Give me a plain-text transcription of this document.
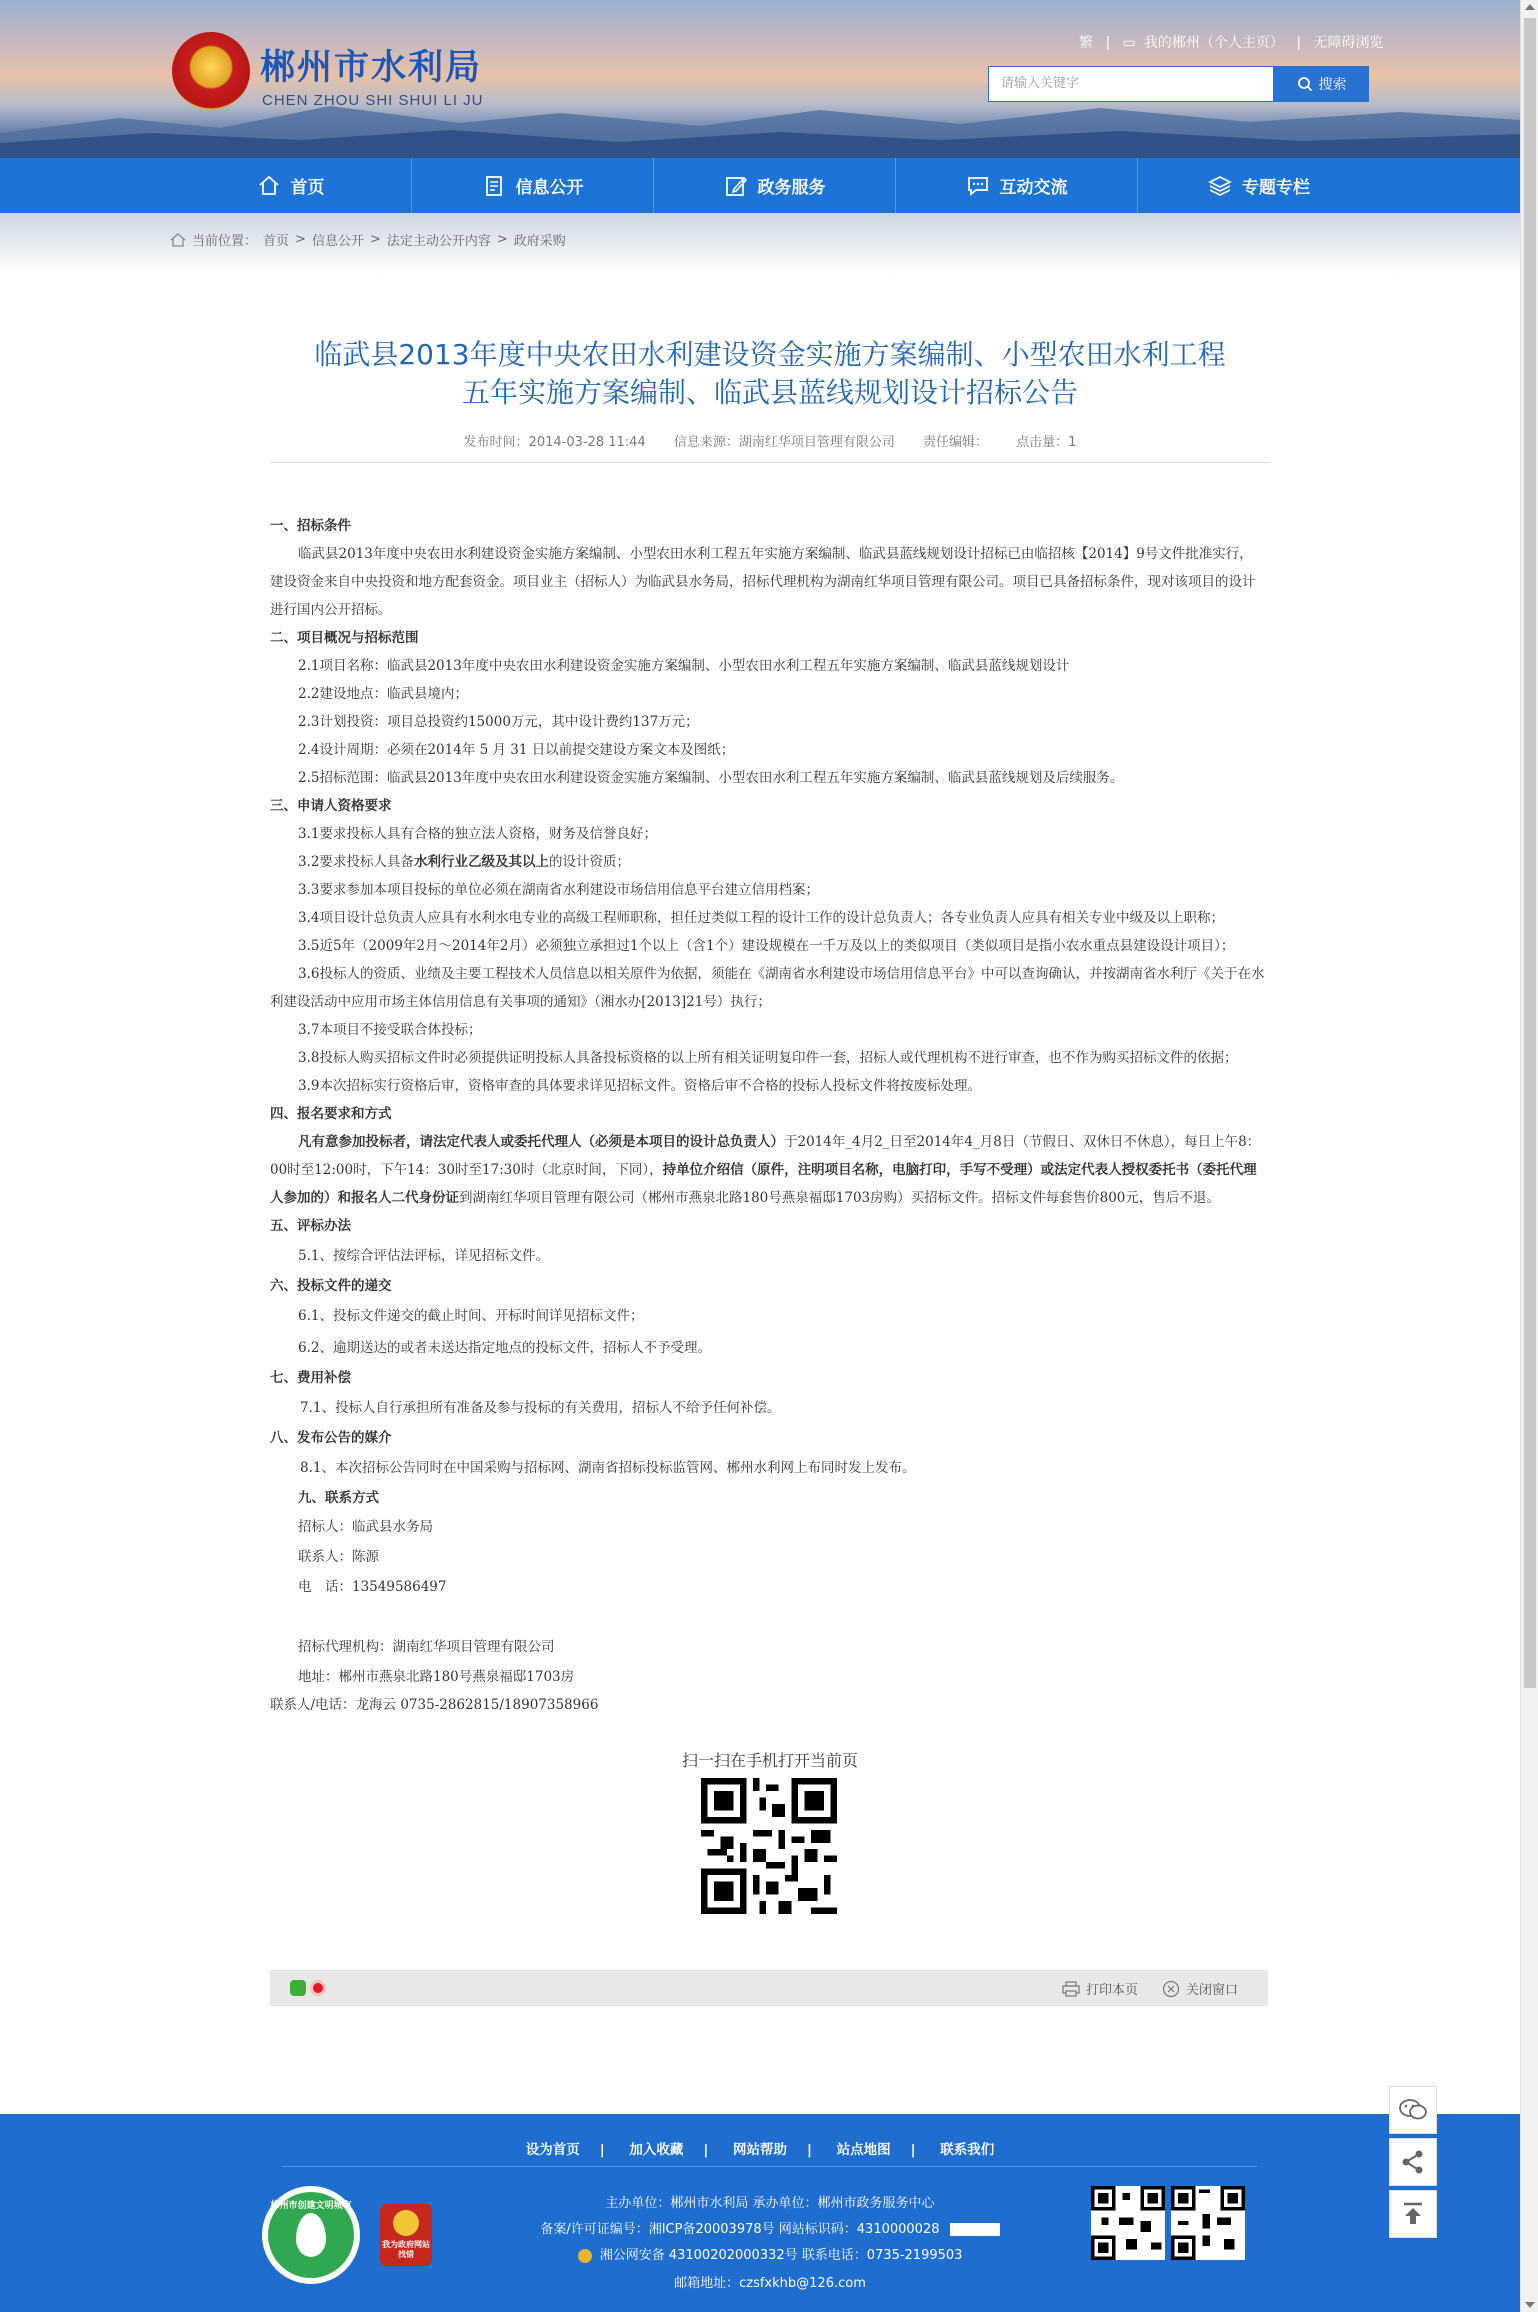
郴州市水利局
CHEN ZHOU SHI SHUI LI JU
繁 | ▭ 我的郴州（个人主页） | 无障碍浏览
请输入关键字	搜索
首页	信息公开	政务服务	互动交流	专题专栏
当前位置： 首页 > 信息公开 > 法定主动公开内容 > 政府采购
临武县2013年度中央农田水利建设资金实施方案编制、小型农田水利工程
五年实施方案编制、临武县蓝线规划设计招标公告
发布时间：2014-03-28 11:44 信息来源：湖南红华项目管理有限公司 责任编辑： 点击量：1

一、招标条件

临武县2013年度中央农田水利建设资金实施方案编制、小型农田水利工程五年实施方案编制、临武县蓝线规划设计招标已由临招核【2014】9号文件批准实行，建设资金来自中央投资和地方配套资金。项目业主（招标人）为临武县水务局，招标代理机构为湖南红华项目管理有限公司。项目已具备招标条件，现对该项目的设计进行国内公开招标。

二、项目概况与招标范围

2.1项目名称：临武县2013年度中央农田水利建设资金实施方案编制、小型农田水利工程五年实施方案编制、临武县蓝线规划设计

2.2建设地点：临武县境内；

2.3计划投资：项目总投资约15000万元，其中设计费约137万元；

2.4设计周期：必须在2014年 5 月 31 日以前提交建设方案文本及图纸；

2.5招标范围：临武县2013年度中央农田水利建设资金实施方案编制、小型农田水利工程五年实施方案编制、临武县蓝线规划及后续服务。

三、申请人资格要求

3.1要求投标人具有合格的独立法人资格，财务及信誉良好；

3.2要求投标人具备水利行业乙级及其以上的设计资质；

3.3要求参加本项目投标的单位必须在湖南省水利建设市场信用信息平台建立信用档案；

3.4项目设计总负责人应具有水利水电专业的高级工程师职称，担任过类似工程的设计工作的设计总负责人；各专业负责人应具有相关专业中级及以上职称；

3.5近5年（2009年2月～2014年2月）必须独立承担过1个以上（含1个）建设规模在一千万及以上的类似项目（类似项目是指小农水重点县建设设计项目）；

3.6投标人的资质、业绩及主要工程技术人员信息以相关原件为依据，须能在《湖南省水利建设市场信用信息平台》中可以查询确认，并按湖南省水利厅《关于在水利建设活动中应用市场主体信用信息有关事项的通知》（湘水办[2013]21号）执行；

3.7本项目不接受联合体投标；

3.8投标人购买招标文件时必须提供证明投标人具备投标资格的以上所有相关证明复印件一套，招标人或代理机构不进行审查，也不作为购买招标文件的依据；

3.9本次招标实行资格后审，资格审查的具体要求详见招标文件。资格后审不合格的投标人投标文件将按废标处理。

四、报名要求和方式

凡有意参加投标者，请法定代表人或委托代理人（必须是本项目的设计总负责人）于2014年_4月2_日至2014年4_月8日（节假日、双休日不休息），每日上午8：00时至12:00时，下午14：30时至17:30时（北京时间，下同），持单位介绍信（原件，注明项目名称，电脑打印，手写不受理）或法定代表人授权委托书（委托代理人参加的）和报名人二代身份证到湖南红华项目管理有限公司（郴州市燕泉北路180号燕泉福邸1703房购）买招标文件。招标文件每套售价800元，售后不退。

五、评标办法

5.1、按综合评估法评标，详见招标文件。

六、投标文件的递交

6.1、投标文件递交的截止时间、开标时间详见招标文件；

6.2、逾期送达的或者未送达指定地点的投标文件，招标人不予受理。

七、费用补偿

7.1、投标人自行承担所有准备及参与投标的有关费用，招标人不给予任何补偿。

八、发布公告的媒介

8.1、本次招标公告同时在中国采购与招标网、湖南省招标投标监管网、郴州水利网上布同时发上发布。

九、联系方式

招标人：临武县水务局

联系人：陈源

电　话：13549586497

招标代理机构：湖南红华项目管理有限公司

地址：郴州市燕泉北路180号燕泉福邸1703房

联系人/电话：龙海云 0735-2862815/18907358966

扫一扫在手机打开当前页
打印本页	关闭窗口
设为首页 | 加入收藏 | 网站帮助 | 站点地图 | 联系我们
郴州市创建文明城市
我为政府网站找错
主办单位：郴州市水利局 承办单位：郴州市政务服务中心
备案/许可证编号：湘ICP备20003978号 网站标识码：4310000028
湘公网安备 43100202000332号 联系电话：0735-2199503
邮箱地址：czsfxkhb@126.com
